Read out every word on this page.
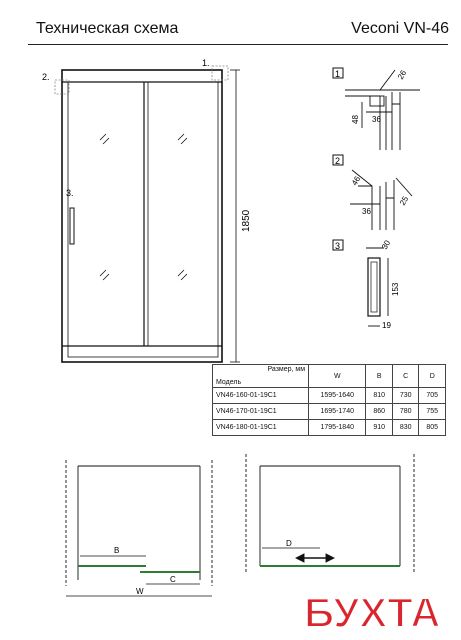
Техническая схема	Veconi VN-46
2.
1.
3.
1850
1	26
48 36
2
46
36
25
3	30
153
19
B
C
W
D
Размер, мм
Модель	W	B	C	D
VN46-160-01-19C1	1595-1640	810	730	705
VN46-170-01-19C1	1695-1740	860	780	755
VN46-180-01-19C1	1795-1840	910	830	805
БУХТА
